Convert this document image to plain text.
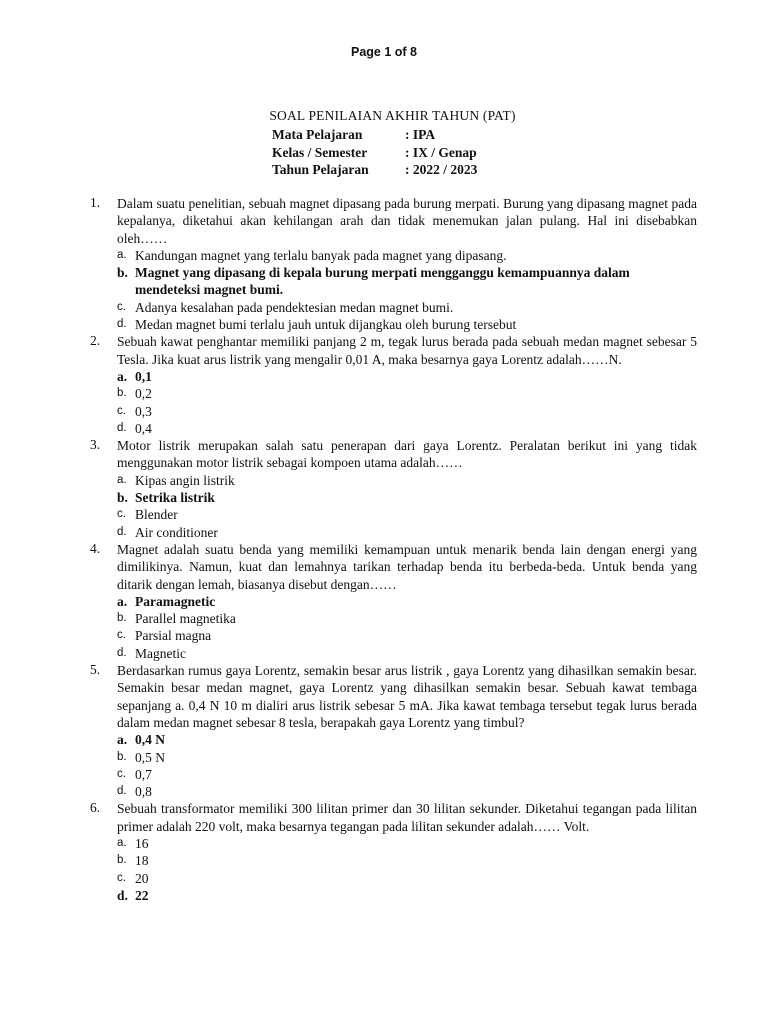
Page 1 of 8
SOAL PENILAIAN AKHIR TAHUN (PAT)
Mata Pelajaran	: IPA
Kelas / Semester	: IX / Genap
Tahun Pelajaran	: 2022 / 2023
1. Dalam suatu penelitian, sebuah magnet dipasang pada burung merpati. Burung yang dipasang magnet pada kepalanya, diketahui akan kehilangan arah dan tidak menemukan jalan pulang. Hal ini disebabkan oleh……
a. Kandungan magnet yang terlalu banyak pada magnet yang dipasang.
b. Magnet yang dipasang di kepala burung merpati mengganggu kemampuannya dalam mendeteksi magnet bumi.
c. Adanya kesalahan pada pendektesian medan magnet bumi.
d. Medan magnet bumi terlalu jauh untuk dijangkau oleh burung tersebut
2. Sebuah kawat penghantar memiliki panjang 2 m, tegak lurus berada pada sebuah medan magnet sebesar 5 Tesla. Jika kuat arus listrik yang mengalir 0,01 A, maka besarnya gaya Lorentz adalah……N.
a. 0,1
b. 0,2
c. 0,3
d. 0,4
3. Motor listrik merupakan salah satu penerapan dari gaya Lorentz. Peralatan berikut ini yang tidak menggunakan motor listrik sebagai kompoen utama adalah……
a. Kipas angin listrik
b. Setrika listrik
c. Blender
d. Air conditioner
4. Magnet adalah suatu benda yang memiliki kemampuan untuk menarik benda lain dengan energi yang dimilikinya. Namun, kuat dan lemahnya tarikan terhadap benda itu berbeda-beda. Untuk benda yang ditarik dengan lemah, biasanya disebut dengan……
a. Paramagnetic
b. Parallel magnetika
c. Parsial magna
d. Magnetic
5. Berdasarkan rumus gaya Lorentz, semakin besar arus listrik , gaya Lorentz yang dihasilkan semakin besar. Semakin besar medan magnet, gaya Lorentz yang dihasilkan semakin besar. Sebuah kawat tembaga sepanjang a. 0,4 N 10 m dialiri arus listrik sebesar 5 mA. Jika kawat tembaga tersebut tegak lurus berada dalam medan magnet sebesar 8 tesla, berapakah gaya Lorentz yang timbul?
a. 0,4 N
b. 0,5 N
c. 0,7
d. 0,8
6. Sebuah transformator memiliki 300 lilitan primer dan 30 lilitan sekunder. Diketahui tegangan pada lilitan primer adalah 220 volt, maka besarnya tegangan pada lilitan sekunder adalah…… Volt.
a. 16
b. 18
c. 20
d. 22
